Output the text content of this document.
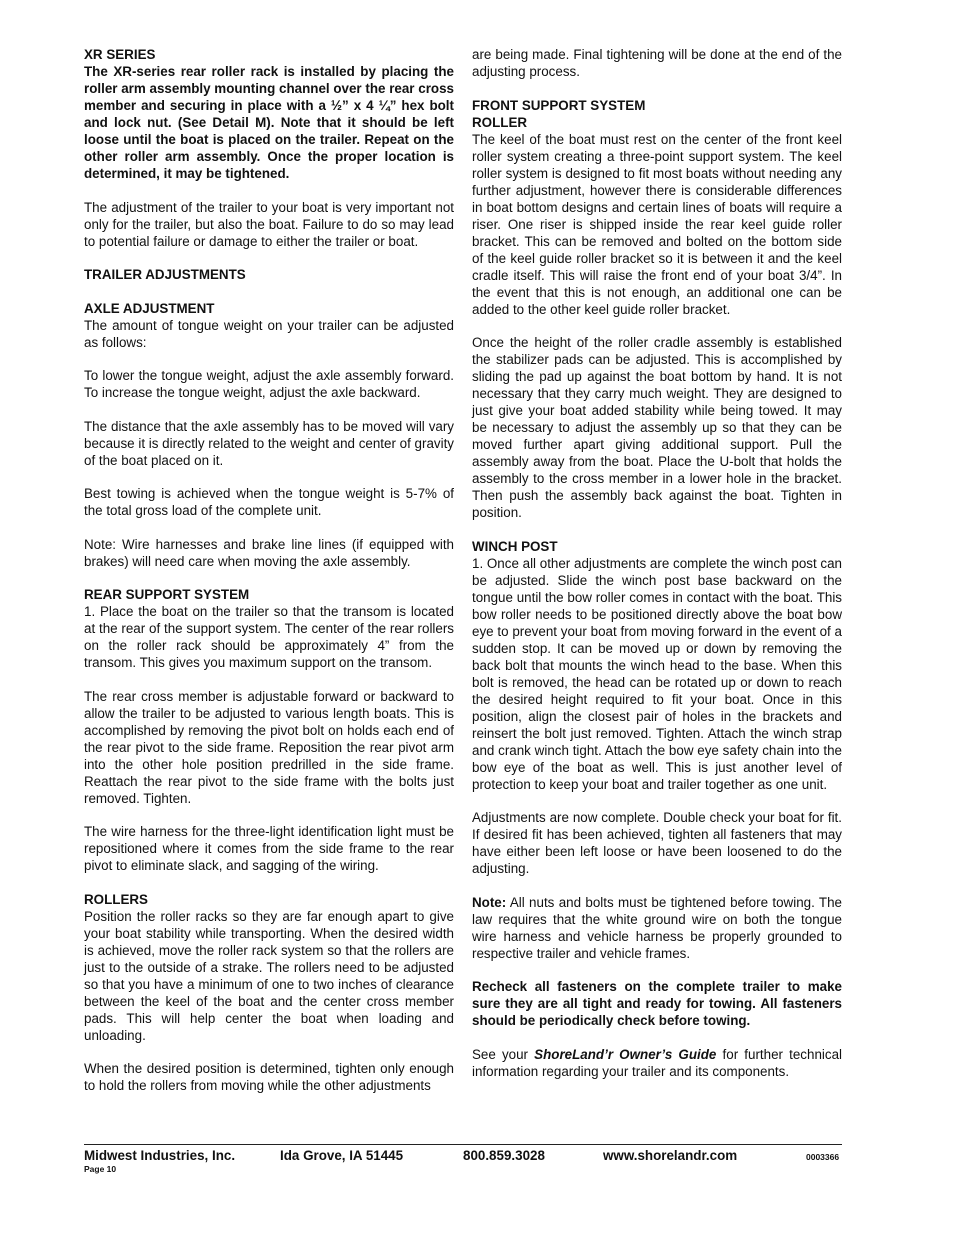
XR SERIES
The XR-series rear roller rack is installed by placing the roller arm assembly mounting channel over the rear cross member and securing in place with a ½” x 4 ¼” hex bolt and lock nut. (See Detail M). Note that it should be left loose until the boat is placed on the trailer. Repeat on the other roller arm assembly. Once the proper location is determined, it may be tightened.

The adjustment of the trailer to your boat is very important not only for the trailer, but also the boat. Failure to do so may lead to potential failure or damage to either the trailer or boat.

TRAILER ADJUSTMENTS

AXLE ADJUSTMENT
The amount of tongue weight on your trailer can be adjusted as follows:

To lower the tongue weight, adjust the axle assembly forward. To increase the tongue weight, adjust the axle backward.

The distance that the axle assembly has to be moved will vary because it is directly related to the weight and center of gravity of the boat placed on it.

Best towing is achieved when the tongue weight is 5-7% of the total gross load of the complete unit.

Note: Wire harnesses and brake line lines (if equipped with brakes) will need care when moving the axle assembly.

REAR SUPPORT SYSTEM
1. Place the boat on the trailer so that the transom is located at the rear of the support system. The center of the rear rollers on the roller rack should be approximately 4” from the transom. This gives you maximum support on the transom.

The rear cross member is adjustable forward or backward to allow the trailer to be adjusted to various length boats. This is accomplished by removing the pivot bolt on holds each end of the rear pivot to the side frame. Reposition the rear pivot arm into the other hole position predrilled in the side frame. Reattach the rear pivot to the side frame with the bolts just removed. Tighten.

The wire harness for the three-light identification light must be repositioned where it comes from the side frame to the rear pivot to eliminate slack, and sagging of the wiring.

ROLLERS
Position the roller racks so they are far enough apart to give your boat stability while transporting. When the desired width is achieved, move the roller rack system so that the rollers are just to the outside of a strake. The rollers need to be adjusted so that you have a minimum of one to two inches of clearance between the keel of the boat and the center cross member pads. This will help center the boat when loading and unloading.

When the desired position is determined, tighten only enough to hold the rollers from moving while the other adjustments

are being made. Final tightening will be done at the end of the adjusting process.

FRONT SUPPORT SYSTEM
ROLLER
The keel of the boat must rest on the center of the front keel roller system creating a three-point support system. The keel roller system is designed to fit most boats without needing any further adjustment, however there is considerable differences in boat bottom designs and certain lines of boats will require a riser. One riser is shipped inside the rear keel guide roller bracket. This can be removed and bolted on the bottom side of the keel guide roller bracket so it is between it and the keel cradle itself. This will raise the front end of your boat 3/4”. In the event that this is not enough, an additional one can be added to the other keel guide roller bracket.

Once the height of the roller cradle assembly is established the stabilizer pads can be adjusted. This is accomplished by sliding the pad up against the boat bottom by hand. It is not necessary that they carry much weight. They are designed to just give your boat added stability while being towed. It may be necessary to adjust the assembly up so that they can be moved further apart giving additional support. Pull the assembly away from the boat. Place the U-bolt that holds the assembly to the cross member in a lower hole in the bracket. Then push the assembly back against the boat. Tighten in position.

WINCH POST
1. Once all other adjustments are complete the winch post can be adjusted. Slide the winch post base backward on the tongue until the bow roller comes in contact with the boat. This bow roller needs to be positioned directly above the boat bow eye to prevent your boat from moving forward in the event of a sudden stop. It can be moved up or down by removing the back bolt that mounts the winch head to the base. When this bolt is removed, the head can be rotated up or down to reach the desired height required to fit your boat. Once in this position, align the closest pair of holes in the brackets and reinsert the bolt just removed. Tighten. Attach the winch strap and crank winch tight. Attach the bow eye safety chain into the bow eye of the boat as well. This is just another level of protection to keep your boat and trailer together as one unit.

Adjustments are now complete. Double check your boat for fit. If desired fit has been achieved, tighten all fasteners that may have either been left loose or have been loosened to do the adjusting.

Note: All nuts and bolts must be tightened before towing. The law requires that the white ground wire on both the tongue wire harness and vehicle harness be properly grounded to respective trailer and vehicle frames.

Recheck all fasteners on the complete trailer to make sure they are all tight and ready for towing. All fasteners should be periodically check before towing.

See your ShoreLand’r Owner’s Guide for further technical information regarding your trailer and its components.

Midwest Industries, Inc.	Ida Grove, IA 51445	800.859.3028	www.shorelandr.com	0003366
Page 10
